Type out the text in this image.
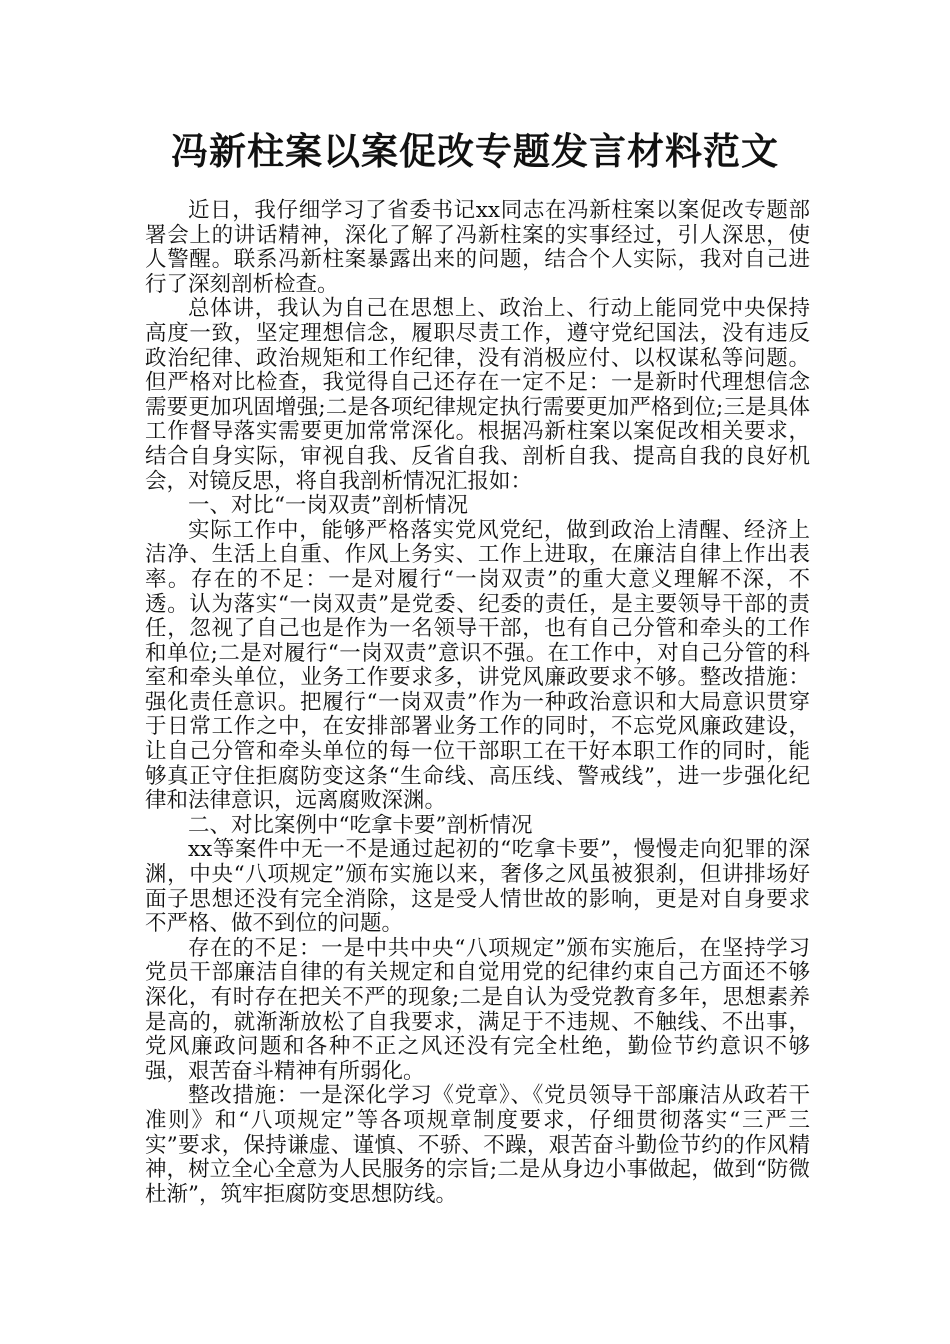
冯新柱案以案促改专题发言材料范文

近日，我仔细学习了省委书记xx同志在冯新柱案以案促改专题部署会上的讲话精神，深化了解了冯新柱案的实事经过，引人深思，使人警醒。联系冯新柱案暴露出来的问题，结合个人实际，我对自己进行了深刻剖析检查。

总体讲，我认为自己在思想上、政治上、行动上能同党中央保持高度一致，坚定理想信念，履职尽责工作，遵守党纪国法，没有违反政治纪律、政治规矩和工作纪律，没有消极应付、以权谋私等问题。但严格对比检查，我觉得自己还存在一定不足：一是新时代理想信念需要更加巩固增强;二是各项纪律规定执行需要更加严格到位;三是具体工作督导落实需要更加常常深化。根据冯新柱案以案促改相关要求，结合自身实际，审视自我、反省自我、剖析自我、提高自我的良好机会，对镜反思，将自我剖析情况汇报如：

一、对比“一岗双责”剖析情况

实际工作中，能够严格落实党风党纪，做到政治上清醒、经济上洁净、生活上自重、作风上务实、工作上进取，在廉洁自律上作出表率。存在的不足：一是对履行“一岗双责”的重大意义理解不深，不透。认为落实“一岗双责”是党委、纪委的责任，是主要领导干部的责任，忽视了自己也是作为一名领导干部，也有自己分管和牵头的工作和单位;二是对履行“一岗双责”意识不强。在工作中，对自己分管的科室和牵头单位，业务工作要求多，讲党风廉政要求不够。整改措施：强化责任意识。把履行“一岗双责”作为一种政治意识和大局意识贯穿于日常工作之中，在安排部署业务工作的同时，不忘党风廉政建设，让自己分管和牵头单位的每一位干部职工在干好本职工作的同时，能够真正守住拒腐防变这条“生命线、高压线、警戒线”，进一步强化纪律和法律意识，远离腐败深渊。

二、对比案例中“吃拿卡要”剖析情况

xx等案件中无一不是通过起初的“吃拿卡要”，慢慢走向犯罪的深渊，中央“八项规定”颁布实施以来，奢侈之风虽被狠刹，但讲排场好面子思想还没有完全消除，这是受人情世故的影响，更是对自身要求不严格、做不到位的问题。

存在的不足：一是中共中央“八项规定”颁布实施后，在坚持学习党员干部廉洁自律的有关规定和自觉用党的纪律约束自己方面还不够深化，有时存在把关不严的现象;二是自认为受党教育多年，思想素养是高的，就渐渐放松了自我要求，满足于不违规、不触线、不出事，党风廉政问题和各种不正之风还没有完全杜绝，勤俭节约意识不够强，艰苦奋斗精神有所弱化。

整改措施：一是深化学习《党章》、《党员领导干部廉洁从政若干准则》和“八项规定”等各项规章制度要求，仔细贯彻落实“三严三实”要求，保持谦虚、谨慎、不骄、不躁，艰苦奋斗勤俭节约的作风精神，树立全心全意为人民服务的宗旨;二是从身边小事做起，做到“防微杜渐”，筑牢拒腐防变思想防线。
